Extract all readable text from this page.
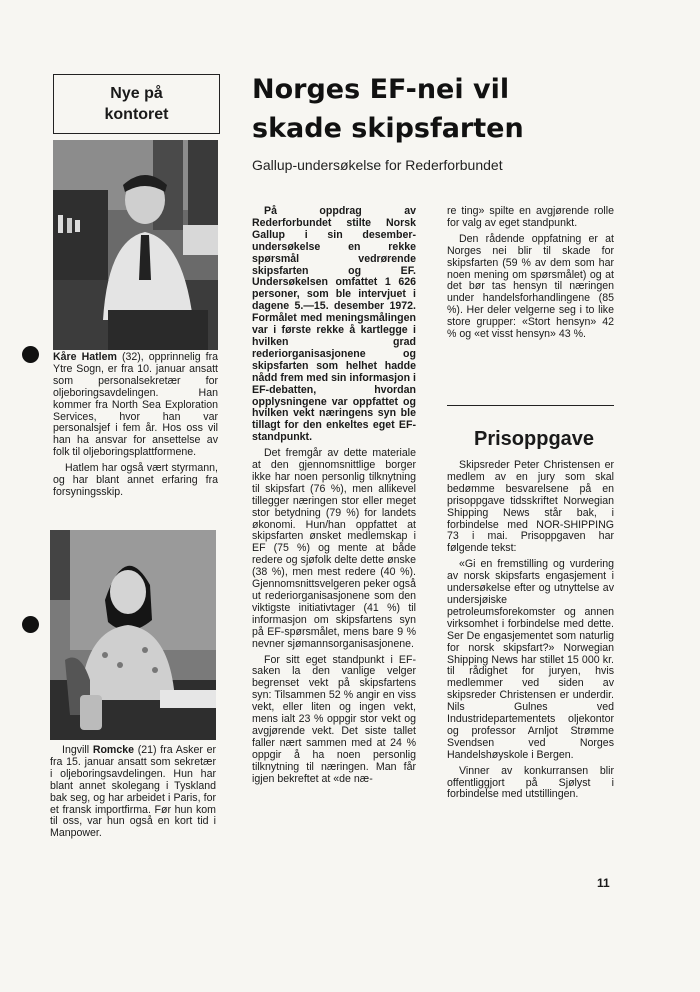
Nye på
kontoret

Kåre Hatlem (32), opprinnelig fra Ytre Sogn, er fra 10. januar ansatt som personalsekretær for oljeboringsavdelingen. Han kommer fra North Sea Exploration Services, hvor han var personalsjef i fem år. Hos oss vil han ha ansvar for ansettelse av folk til oljeboringsplattformene.

Hatlem har også vært styrmann, og har blant annet erfaring fra forsyningsskip.

Ingvill Romcke (21) fra Asker er fra 15. januar ansatt som sekretær i oljeboringsavdelingen. Hun har blant annet skolegang i Tyskland bak seg, og har arbeidet i Paris, for et fransk importfirma. Før hun kom til oss, var hun også en kort tid i Manpower.

Norges EF-nei vil
skade skipsfarten
Gallup-undersøkelse for Rederforbundet

På oppdrag av Rederforbundet stilte Norsk Gallup i sin desember-undersøkelse en rekke spørsmål vedrørende skipsfarten og EF. Undersøkelsen omfattet 1 626 personer, som ble intervjuet i dagene 5.—15. desember 1972. Formålet med meningsmålingen var i første rekke å kartlegge i hvilken grad rederiorganisasjonene og skipsfarten som helhet hadde nådd frem med sin informasjon i EF-debatten, hvordan opplysningene var oppfattet og hvilken vekt næringens syn ble tillagt for den enkeltes eget EF-standpunkt.

Det fremgår av dette materiale at den gjennomsnittlige borger ikke har noen personlig tilknytning til skipsfart (76 %), men allikevel tillegger næringen stor eller meget stor betydning (79 %) for landets økonomi. Hun/han oppfattet at skipsfarten ønsket medlemskap i EF (75 %) og mente at både redere og sjøfolk delte dette ønske (38 %), men mest redere (40 %). Gjennomsnittsvelgeren peker også ut rederiorganisasjonene som den viktigste initiativtager (41 %) til informasjon om skipsfartens syn på EF-spørsmålet, mens bare 9 % nevner sjømannsorganisasjonene.

For sitt eget standpunkt i EF-saken la den vanlige velger begrenset vekt på skipsfartens syn: Tilsammen 52 % angir en viss vekt, eller liten og ingen vekt, mens ialt 23 % oppgir stor vekt og avgjørende vekt. Det siste tallet faller nært sammen med at 24 % oppgir å ha noen personlig tilknytning til næringen. Man får igjen bekreftet at «de næ-

re ting» spilte en avgjørende rolle for valg av eget standpunkt.

Den rådende oppfatning er at Norges nei blir til skade for skipsfarten (59 % av dem som har noen mening om spørsmålet) og at det bør tas hensyn til næringen under handelsforhandlingene (85 %). Her deler velgerne seg i to like store grupper: «Stort hensyn» 42 % og «et visst hensyn» 43 %.

Prisoppgave

Skipsreder Peter Christensen er medlem av en jury som skal bedømme besvarelsene på en prisoppgave tidsskriftet Norwegian Shipping News står bak, i forbindelse med NOR-SHIPPING 73 i mai. Prisoppgaven har følgende tekst:

«Gi en fremstilling og vurdering av norsk skipsfarts engasjement i undersøkelse efter og utnyttelse av undersjøiske petroleumsforekomster og annen virksomhet i forbindelse med dette. Ser De engasjementet som naturlig for norsk skipsfart?» Norwegian Shipping News har stillet 15 000 kr. til rådighet for juryen, hvis medlemmer ved siden av skipsreder Christensen er underdir. Nils Gulnes ved Industridepartementets oljekontor og professor Arnljot Strømme Svendsen ved Norges Handelshøyskole i Bergen.

Vinner av konkurransen blir offentliggjort på Sjølyst i forbindelse med utstillingen.

11
